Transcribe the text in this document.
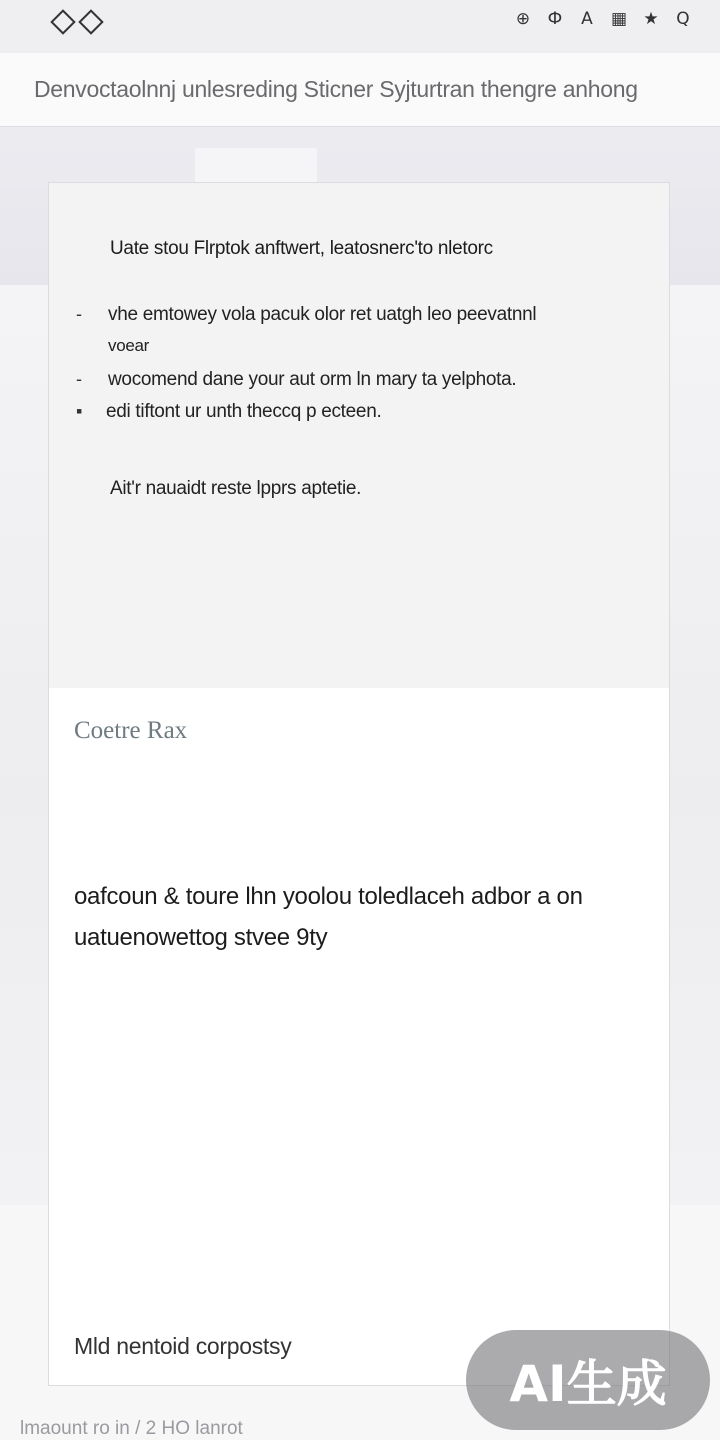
⊕ Ф	A	▦ ★ Q
Denvoctaolnnj unlesreding Sticner Syjturtran thengre anhong
Uate stou Flrptok anftwert, leatosnerc'to nletorc
- vhe emtowey vola pacuk olor ret uatgh leo peevatnnl
voear
- wocomend dane your aut orm ln mary ta yelphota.
▪ edi tiftont ur unth theccq p ecteen.
Ait'r nauaidt reste lpprs aptetie.
Coetre Rax
oafcoun & toure lhn yoolou toledlaceh adbor a on uatuenowettog stvee 9ty
Mld nentoid corpostsy
lmaount ro in / 2 HO lanrot
AI生成
